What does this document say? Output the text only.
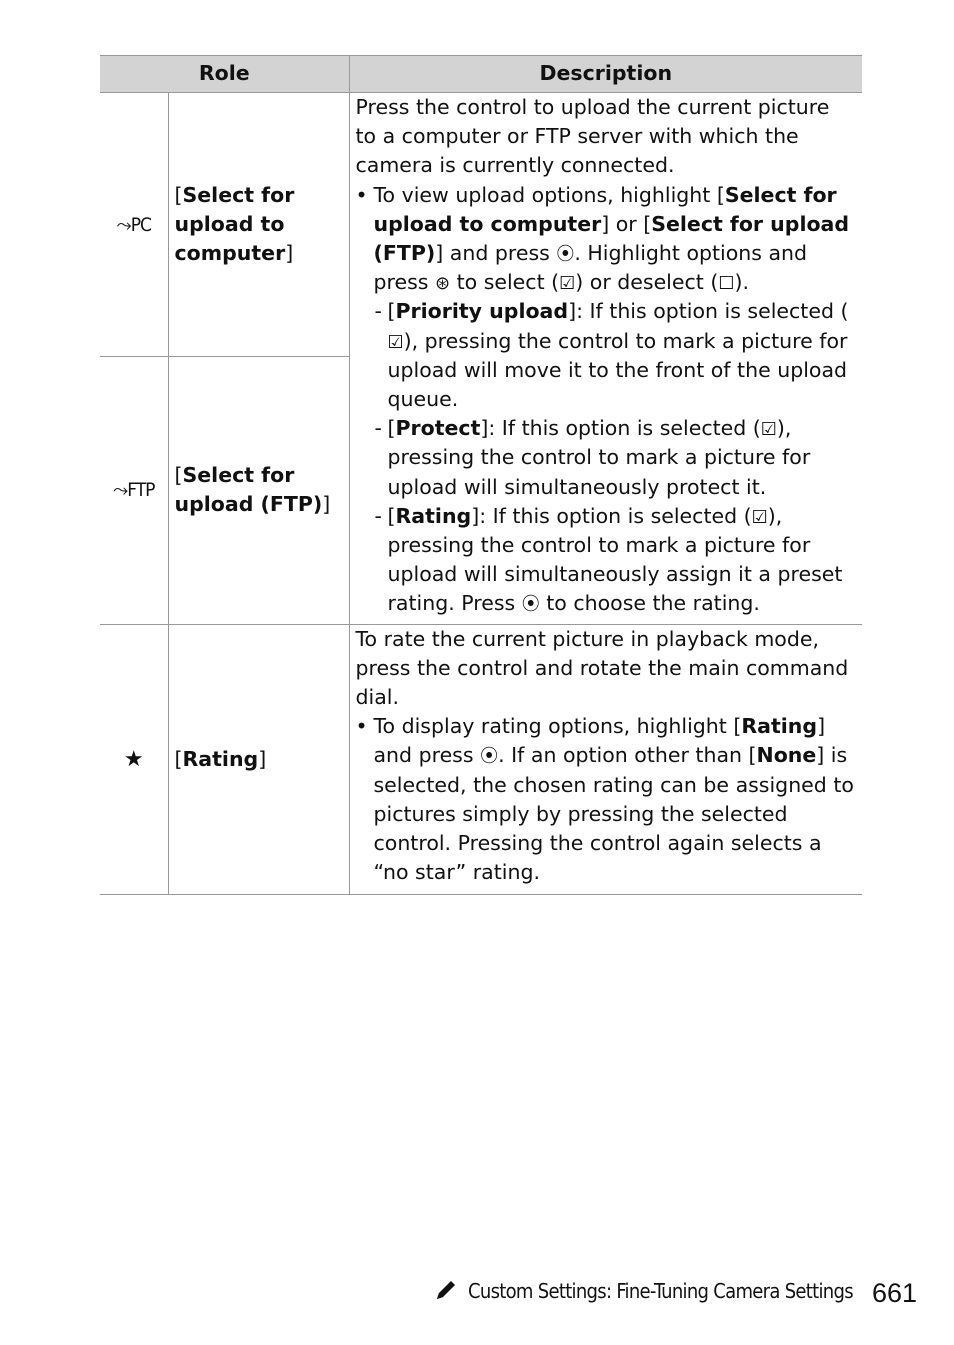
Role		Description
⤳PC	[Select for upload to computer]	Press the control to upload the current picture to a computer or FTP server with which the camera is currently connected.

• To view upload options, highlight [Select for upload to computer] or [Select for upload (FTP)] and press ⦿. Highlight options and press ⊛ to select (☑) or deselect (☐).
- [Priority upload]: If this option is selected (☑), pressing the control to mark a picture for upload will move it to the front of the upload queue.
- [Protect]: If this option is selected (☑), pressing the control to mark a picture for upload will simultaneously protect it.
- [Rating]: If this option is selected (☑), pressing the control to mark a picture for upload will simultaneously assign it a preset rating. Press ⦿ to choose the rating.

⤳FTP	[Select for upload (FTP)]	
★	[Rating]	To rate the current picture in playback mode, press the control and rotate the main command dial.

• To display rating options, highlight [Rating] and press ⦿. If an option other than [None] is selected, the chosen rating can be assigned to pictures simply by pressing the selected control. Pressing the control again selects a “no star” rating.
Custom Settings: Fine-Tuning Camera Settings 661
